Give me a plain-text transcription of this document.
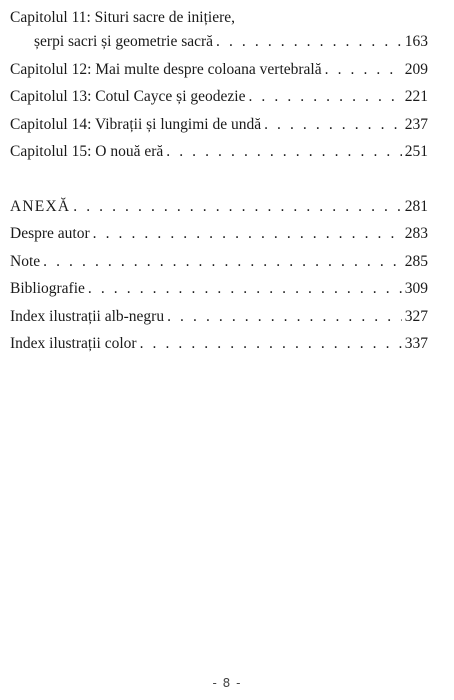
Capitolul 11: Situri sacre de inițiere,
șerpi sacri și geometrie sacră . . .	163
Capitolul 12: Mai multe despre coloana vertebrală . . .	209
Capitolul 13: Cotul Cayce și geodezie . . .	221
Capitolul 14: Vibrații și lungimi de undă . . .	237
Capitolul 15: O nouă eră . . .	251
ANEXĂ . . .	281
Despre autor . . .	283
Note . . .	285
Bibliografie . . .	309
Index ilustrații alb-negru . . .	327
Index ilustrații color . . .	337
- 8 -
